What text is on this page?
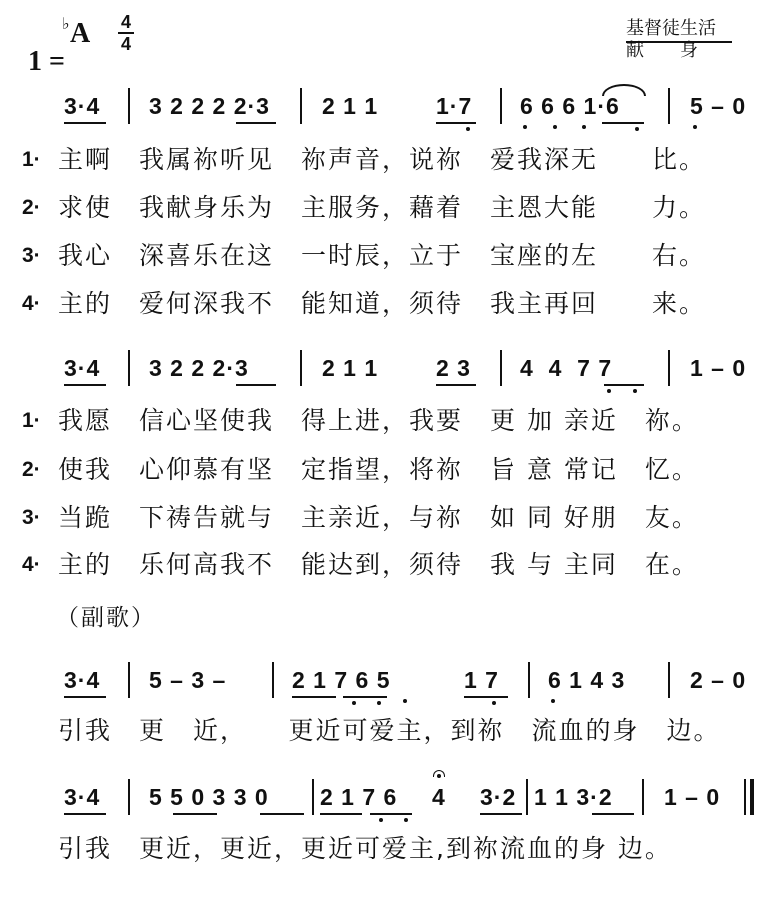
1 =

♭ A 4
4
基督徒生活
献　　身
3·4 3 2 2 2 2·3 2 1 1	1·7 6 6 6 1·6	5 – 0
1· 主啊　我属祢听见　祢声音，说祢　爱我深无　　比。
2· 求使　我献身乐为　主服务，藉着　主恩大能　　力。
3· 我心　深喜乐在这　一时辰，立于　宝座的左　　右。
4· 主的　爱何深我不　能知道，须待　我主再回　　来。
3·4 3 2 2 2·3	2 1 1	2 3 4  4  7 7	1 – 0
1· 我愿　信心坚使我　得上进，我要　更 加 亲近　祢。
2· 使我　心仰慕有坚　定指望，将祢　旨 意 常记　忆。
3· 当跪　下祷告就与　主亲近，与祢　如 同 好朋　友。
4· 主的　乐何高我不　能达到，须待　我 与 主同　在。
（副歌）
3·4 5 – 3 –	2 1 7 6 5	1 7 6 1 4 3	2 – 0
引我　更　近，　　更近可爱主，到祢　流血的身　边。
3·4 5 5 0 3 3 0 2 1 7 6 4 3·2 1 1 3·2 1 – 0
引我　更近，更近，更近可爱主,到祢流血的身 边。
